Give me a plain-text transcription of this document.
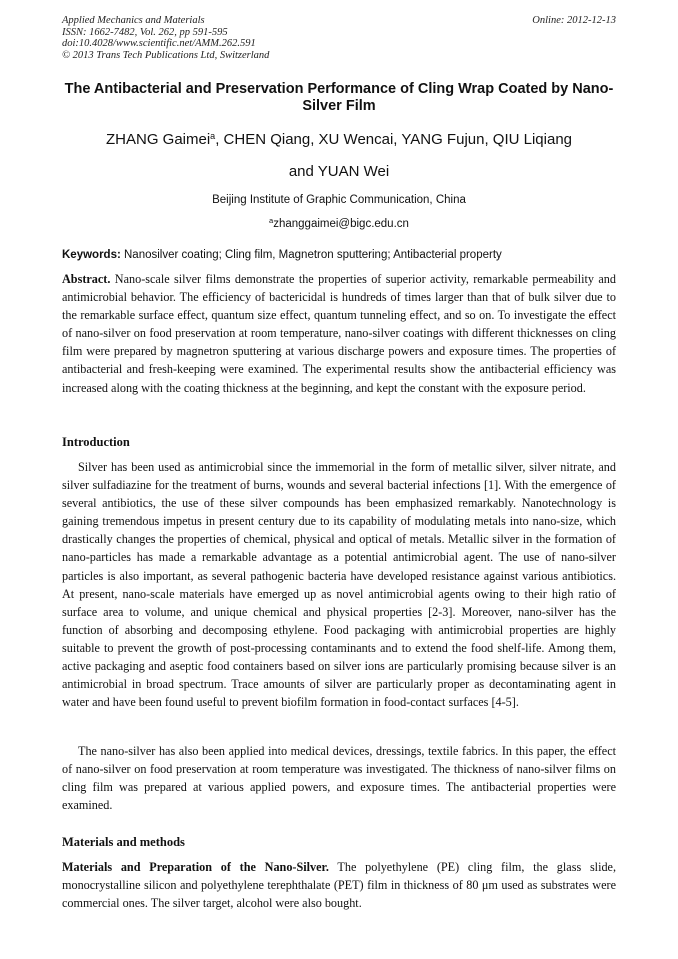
Applied Mechanics and Materials
ISSN: 1662-7482, Vol. 262, pp 591-595
doi:10.4028/www.scientific.net/AMM.262.591
© 2013 Trans Tech Publications Ltd, Switzerland
Online: 2012-12-13
The Antibacterial and Preservation Performance of Cling Wrap Coated by Nano-Silver Film
ZHANG Gaimei$^a$, CHEN Qiang, XU Wencai, YANG Fujun, QIU Liqiang
and YUAN Wei
Beijing Institute of Graphic Communication, China
$^a$zhanggaimei@bigc.edu.cn
Keywords: Nanosilver coating; Cling film, Magnetron sputtering; Antibacterial property

Abstract. Nano-scale silver films demonstrate the properties of superior activity, remarkable permeability and antimicrobial behavior. The efficiency of bactericidal is hundreds of times larger than that of bulk silver due to the remarkable surface effect, quantum size effect, quantum tunneling effect, and so on. To investigate the effect of nano-silver on food preservation at room temperature, nano-silver coatings with different thicknesses on cling film were prepared by magnetron sputtering at various discharge powers and exposure times. The properties of antibacterial and fresh-keeping were examined. The experimental results show the antibacterial efficiency was increased along with the coating thickness at the beginning, and kept the constant with the exposure period.

Introduction

Silver has been used as antimicrobial since the immemorial in the form of metallic silver, silver nitrate, and silver sulfadiazine for the treatment of burns, wounds and several bacterial infections [1]. With the emergence of several antibiotics, the use of these silver compounds has been emphasized remarkably. Nanotechnology is gaining tremendous impetus in present century due to its capability of modulating metals into nano-size, which drastically changes the properties of chemical, physical and optical of metals. Metallic silver in the formation of nano-particles has made a remarkable advantage as a potential antimicrobial agent. The use of nano-silver particles is also important, as several pathogenic bacteria have developed resistance against various antibiotics. At present, nano-scale materials have emerged up as novel antimicrobial agents owing to their high ratio of surface area to volume, and unique chemical and physical properties [2-3]. Moreover, nano-silver has the function of absorbing and decomposing ethylene. Food packaging with antimicrobial properties are highly suitable to prevent the growth of post-processing contaminants and to extend the food shelf-life. Among them, active packaging and aseptic food containers based on silver ions are particularly promising because silver is an antimicrobial in broad spectrum. Trace amounts of silver are particularly proper as decontaminating agent in water and have been found useful to prevent biofilm formation in food-contact surfaces [4-5].

The nano-silver has also been applied into medical devices, dressings, textile fabrics. In this paper, the effect of nano-silver on food preservation at room temperature was investigated. The thickness of nano-silver films on cling film was prepared at various applied powers, and exposure times. The antibacterial properties were examined.

Materials and methods

Materials and Preparation of the Nano-Silver. The polyethylene (PE) cling film, the glass slide, monocrystalline silicon and polyethylene terephthalate (PET) film in thickness of 80 μm used as substrates were commercial ones. The silver target, alcohol were also bought.
